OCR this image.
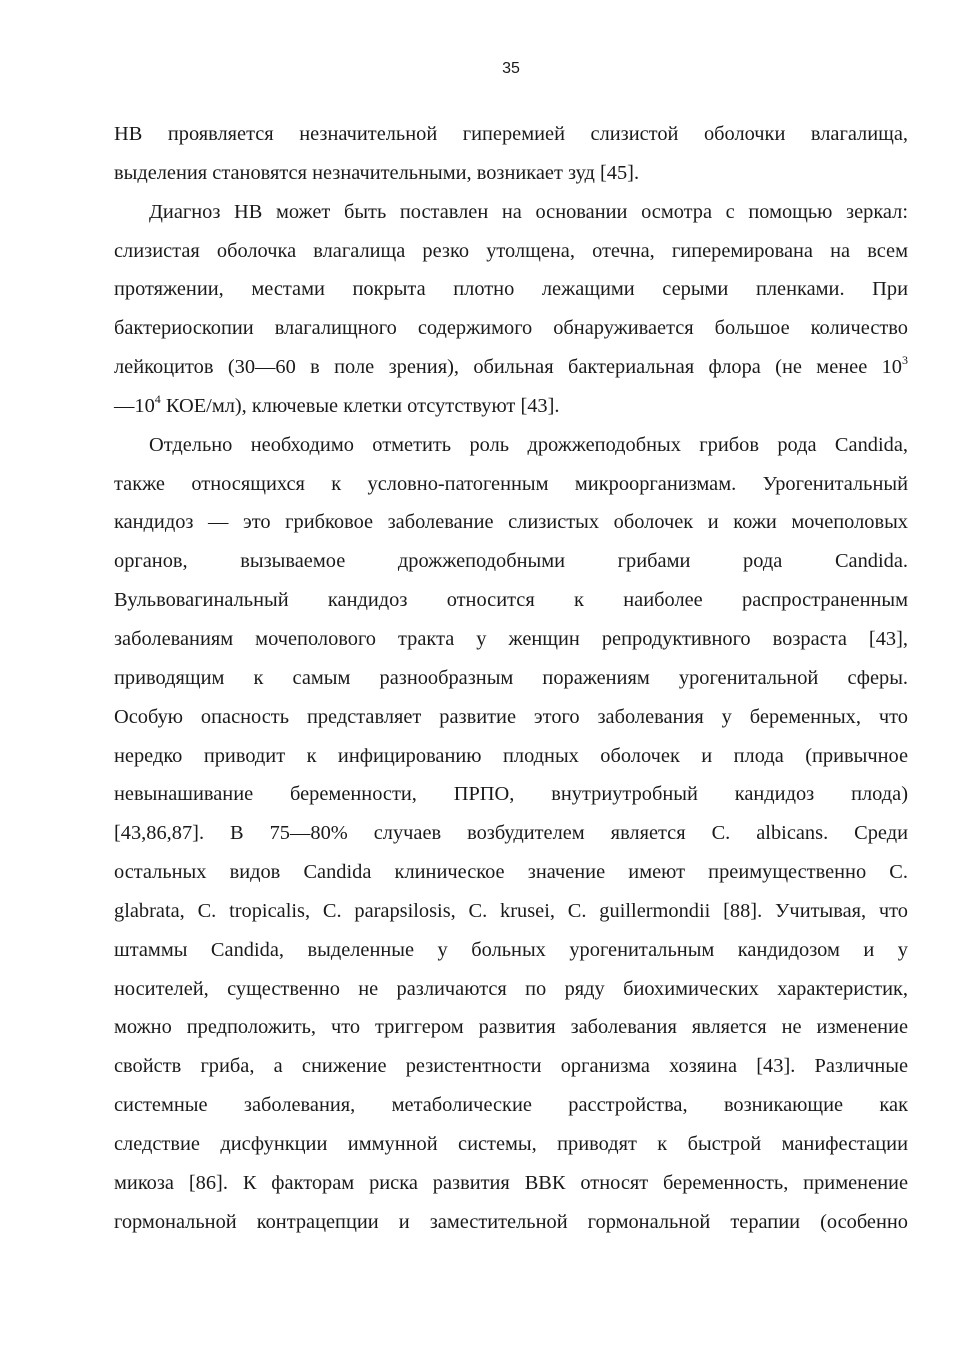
35

НВ проявляется незначительной гиперемией слизистой оболочки влагалища,

выделения становятся незначительными, возникает зуд [45].

Диагноз НВ может быть поставлен на основании осмотра с помощью зеркал:

слизистая оболочка влагалища резко утолщена, отечна, гиперемирована на всем

протяжении, местами покрыта плотно лежащими серыми пленками. При

бактериоскопии влагалищного содержимого обнаруживается большое количество

лейкоцитов (30—60 в поле зрения), обильная бактериальная флора (не менее $10^3$

$—10^4$ КОЕ/мл), ключевые клетки отсутствуют [43].

Отдельно необходимо отметить роль дрожжеподобных грибов рода Candida,

также относящихся к условно-патогенным микроорганизмам. Урогенитальный

кандидоз — это грибковое заболевание слизистых оболочек и кожи мочеполовых

органов, вызываемое дрожжеподобными грибами рода Candida.

Вульвовагинальный кандидоз относится к наиболее распространенным

заболеваниям мочеполового тракта у женщин репродуктивного возраста [43],

приводящим к самым разнообразным поражениям урогенитальной сферы.

Особую опасность представляет развитие этого заболевания у беременных, что

нередко приводит к инфицированию плодных оболочек и плода (привычное

невынашивание беременности, ПРПО, внутриутробный кандидоз плода)

[43,86,87]. В 75—80% случаев возбудителем является C. albicans. Среди

остальных видов Candida клиническое значение имеют преимущественно C.

glabrata, C. tropicalis, C. parapsilosis, C. krusei, C. guillermondii [88]. Учитывая, что

штаммы Candida, выделенные у больных урогенитальным кандидозом и у

носителей, существенно не различаются по ряду биохимических характеристик,

можно предположить, что триггером развития заболевания является не изменение

свойств гриба, а снижение резистентности организма хозяина [43]. Различные

системные заболевания, метаболические расстройства, возникающие как

следствие дисфункции иммунной системы, приводят к быстрой манифестации

микоза [86]. К факторам риска развития ВВК относят беременность, применение

гормональной контрацепции и заместительной гормональной терапии (особенно
